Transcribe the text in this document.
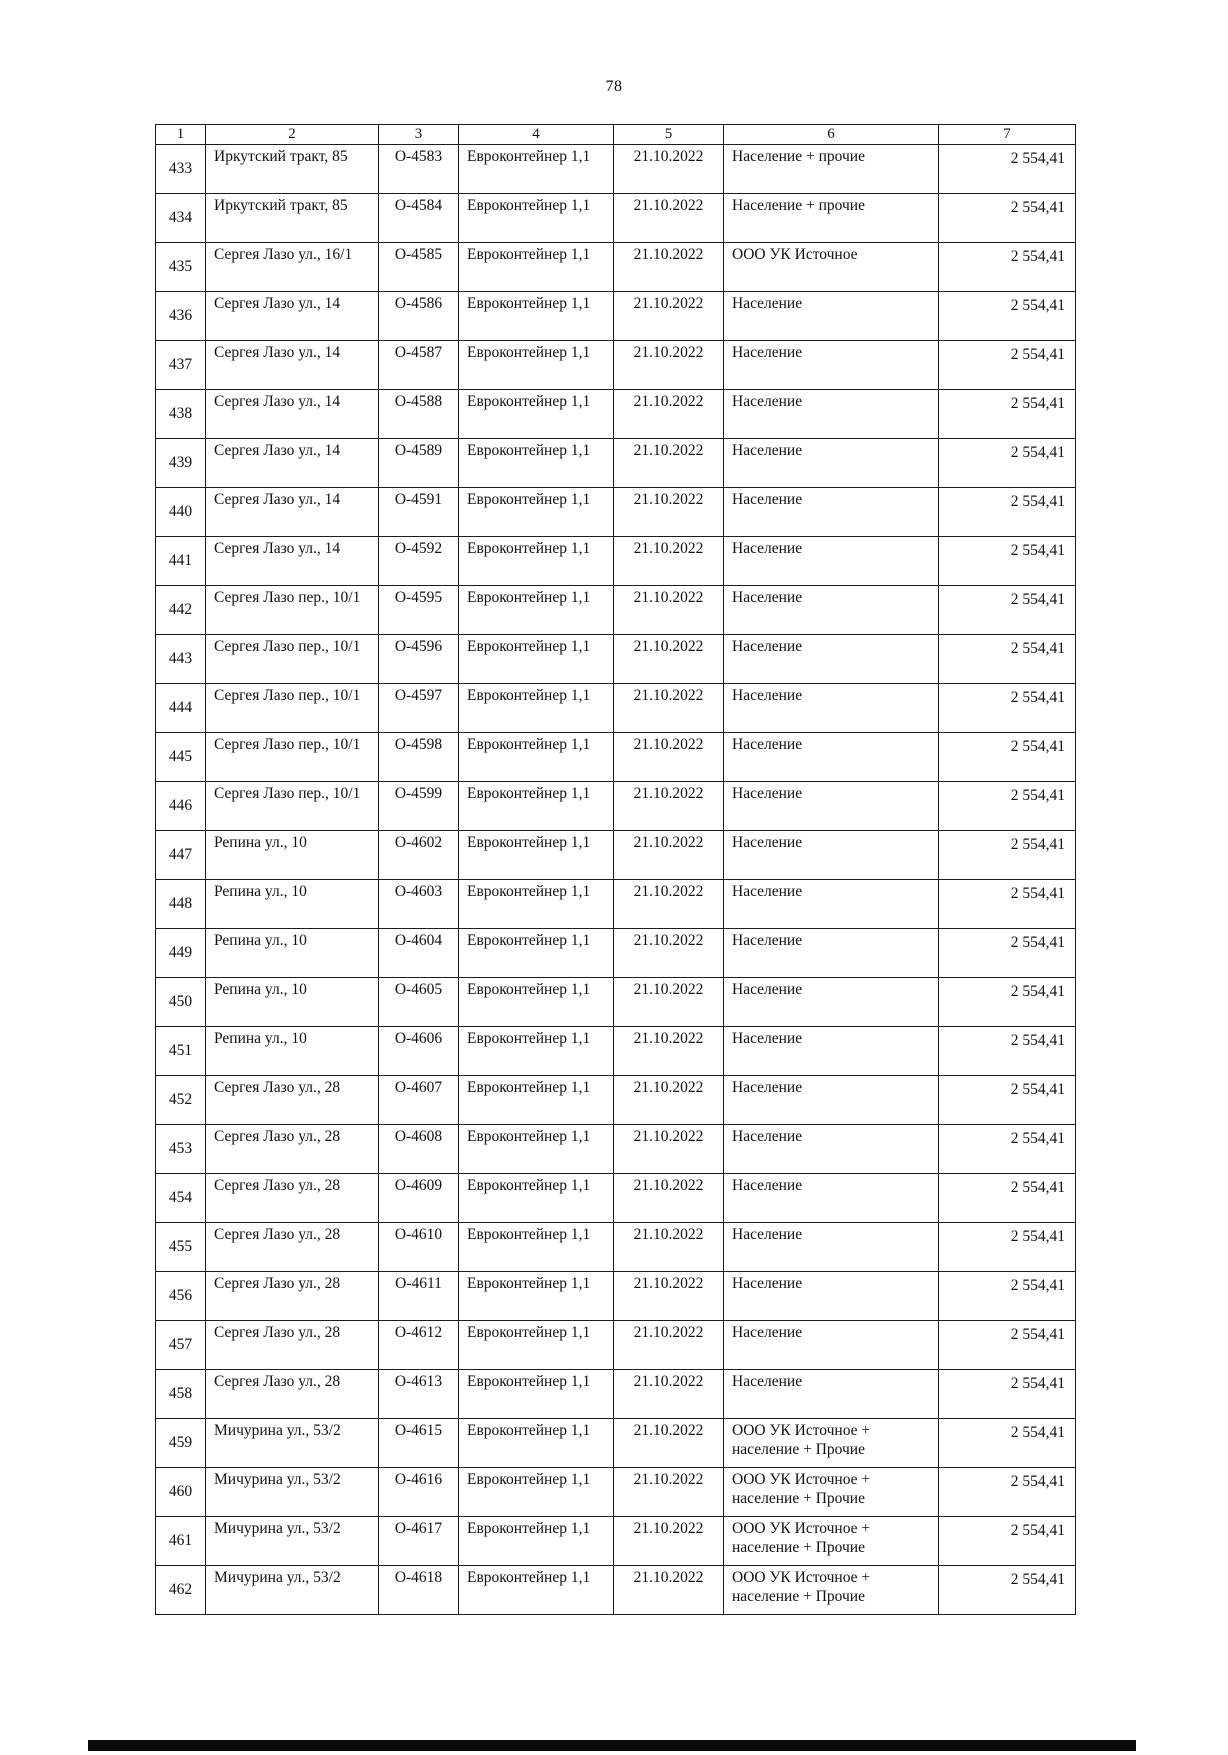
78
1	2	3	4	5	6	7
433	Иркутский тракт, 85	О-4583	Евроконтейнер 1,1	21.10.2022	Население + прочие	2 554,41
434	Иркутский тракт, 85	О-4584	Евроконтейнер 1,1	21.10.2022	Население + прочие	2 554,41
435	Сергея Лазо ул., 16/1	О-4585	Евроконтейнер 1,1	21.10.2022	ООО УК Источное	2 554,41
436	Сергея Лазо ул., 14	О-4586	Евроконтейнер 1,1	21.10.2022	Население	2 554,41
437	Сергея Лазо ул., 14	О-4587	Евроконтейнер 1,1	21.10.2022	Население	2 554,41
438	Сергея Лазо ул., 14	О-4588	Евроконтейнер 1,1	21.10.2022	Население	2 554,41
439	Сергея Лазо ул., 14	О-4589	Евроконтейнер 1,1	21.10.2022	Население	2 554,41
440	Сергея Лазо ул., 14	О-4591	Евроконтейнер 1,1	21.10.2022	Население	2 554,41
441	Сергея Лазо ул., 14	О-4592	Евроконтейнер 1,1	21.10.2022	Население	2 554,41
442	Сергея Лазо пер., 10/1	О-4595	Евроконтейнер 1,1	21.10.2022	Население	2 554,41
443	Сергея Лазо пер., 10/1	О-4596	Евроконтейнер 1,1	21.10.2022	Население	2 554,41
444	Сергея Лазо пер., 10/1	О-4597	Евроконтейнер 1,1	21.10.2022	Население	2 554,41
445	Сергея Лазо пер., 10/1	О-4598	Евроконтейнер 1,1	21.10.2022	Население	2 554,41
446	Сергея Лазо пер., 10/1	О-4599	Евроконтейнер 1,1	21.10.2022	Население	2 554,41
447	Репина ул., 10	О-4602	Евроконтейнер 1,1	21.10.2022	Население	2 554,41
448	Репина ул., 10	О-4603	Евроконтейнер 1,1	21.10.2022	Население	2 554,41
449	Репина ул., 10	О-4604	Евроконтейнер 1,1	21.10.2022	Население	2 554,41
450	Репина ул., 10	О-4605	Евроконтейнер 1,1	21.10.2022	Население	2 554,41
451	Репина ул., 10	О-4606	Евроконтейнер 1,1	21.10.2022	Население	2 554,41
452	Сергея Лазо ул., 28	О-4607	Евроконтейнер 1,1	21.10.2022	Население	2 554,41
453	Сергея Лазо ул., 28	О-4608	Евроконтейнер 1,1	21.10.2022	Население	2 554,41
454	Сергея Лазо ул., 28	О-4609	Евроконтейнер 1,1	21.10.2022	Население	2 554,41
455	Сергея Лазо ул., 28	О-4610	Евроконтейнер 1,1	21.10.2022	Население	2 554,41
456	Сергея Лазо ул., 28	О-4611	Евроконтейнер 1,1	21.10.2022	Население	2 554,41
457	Сергея Лазо ул., 28	О-4612	Евроконтейнер 1,1	21.10.2022	Население	2 554,41
458	Сергея Лазо ул., 28	О-4613	Евроконтейнер 1,1	21.10.2022	Население	2 554,41
459	Мичурина ул., 53/2	О-4615	Евроконтейнер 1,1	21.10.2022	ООО УК Источное + население + Прочие	2 554,41
460	Мичурина ул., 53/2	О-4616	Евроконтейнер 1,1	21.10.2022	ООО УК Источное + население + Прочие	2 554,41
461	Мичурина ул., 53/2	О-4617	Евроконтейнер 1,1	21.10.2022	ООО УК Источное + население + Прочие	2 554,41
462	Мичурина ул., 53/2	О-4618	Евроконтейнер 1,1	21.10.2022	ООО УК Источное + население + Прочие	2 554,41
